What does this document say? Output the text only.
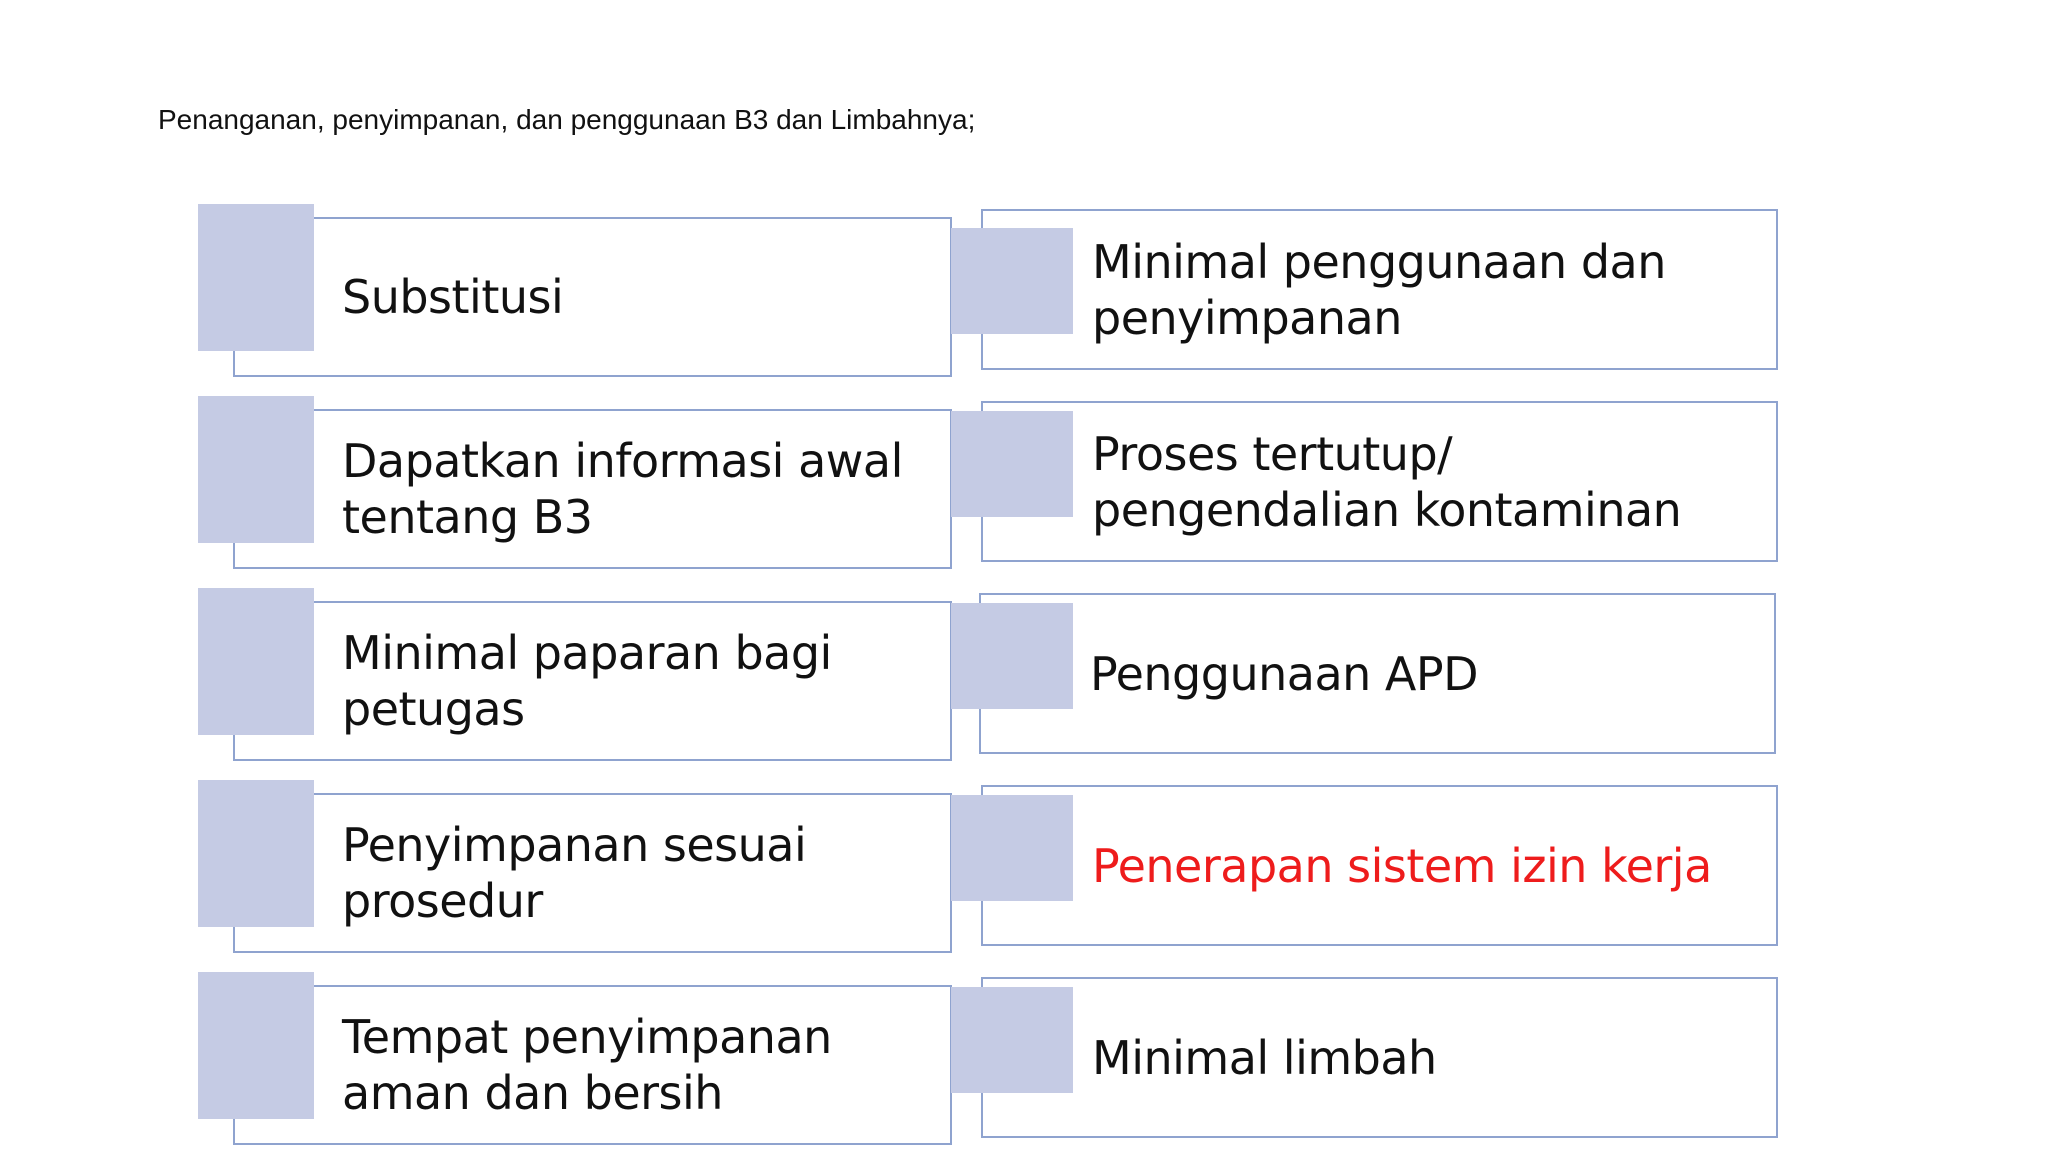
Penanganan, penyimpanan, dan penggunaan B3 dan Limbahnya;
Substitusi
Dapatkan informasi awal tentang B3
Minimal paparan bagi petugas
Penyimpanan sesuai prosedur
Tempat penyimpanan aman dan bersih
Minimal penggunaan dan penyimpanan
Proses tertutup/ pengendalian kontaminan
Penggunaan APD
Penerapan sistem izin kerja
Minimal limbah
